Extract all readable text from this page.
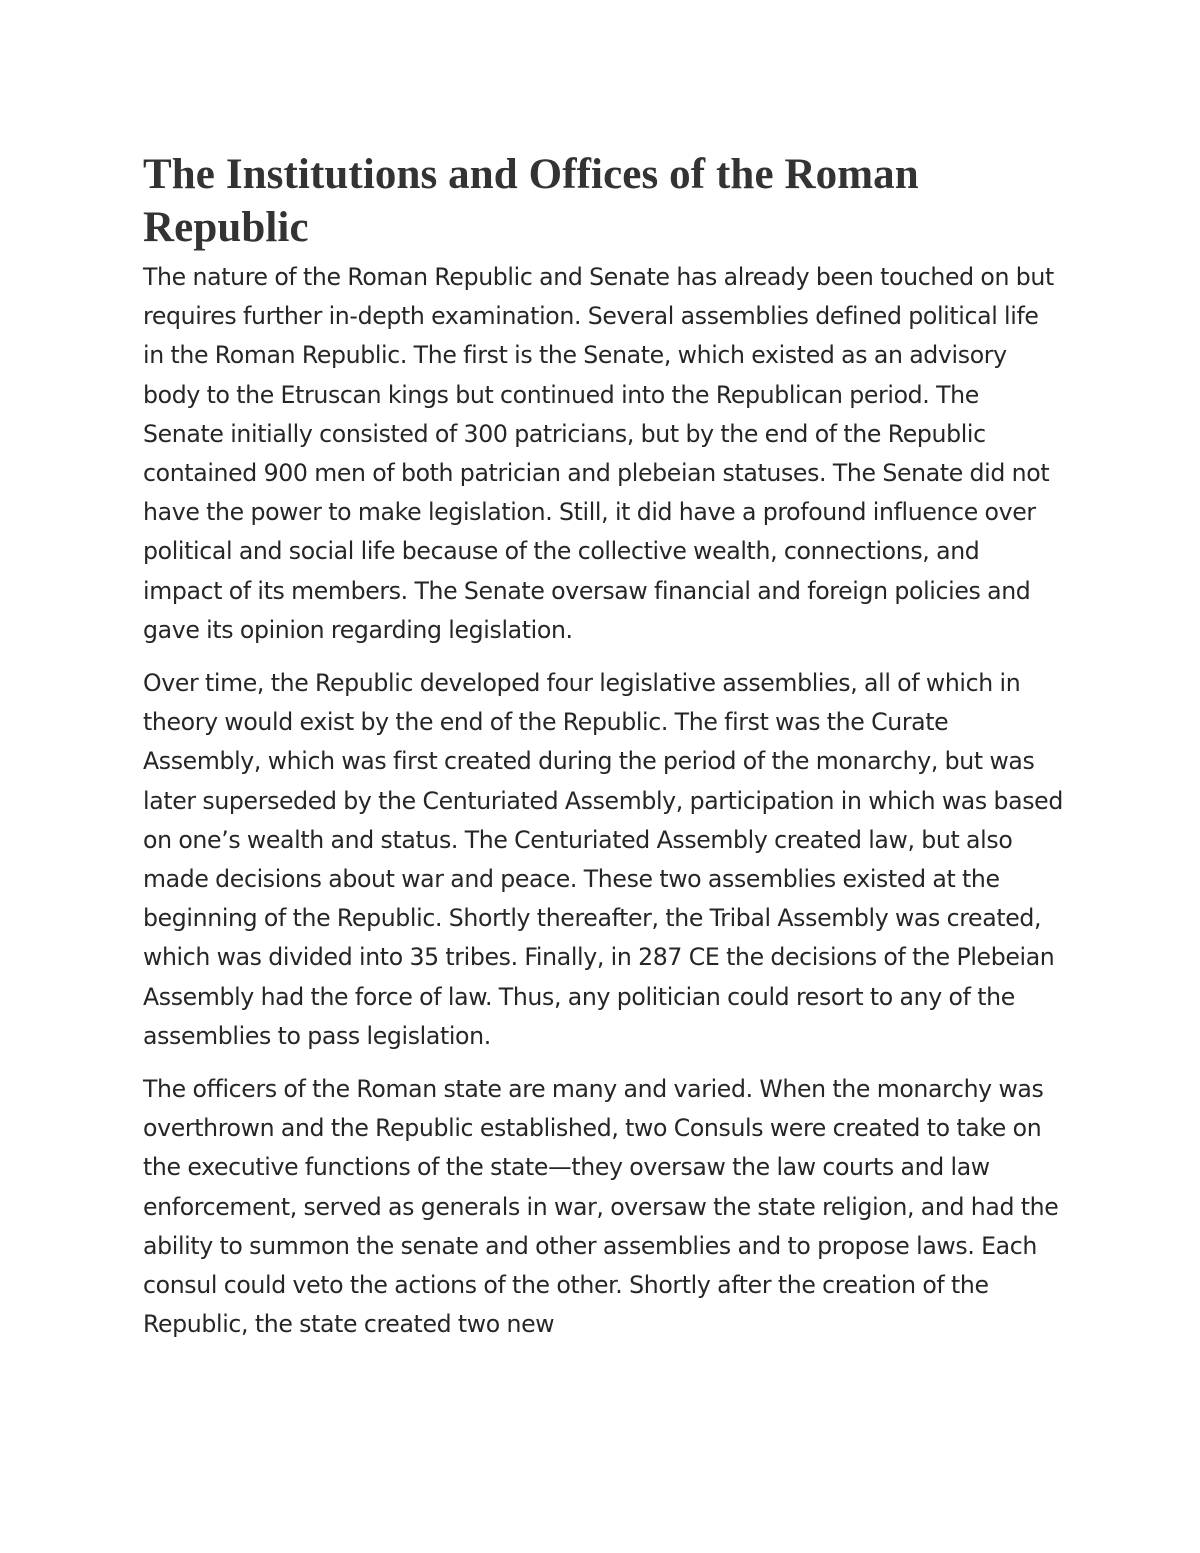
The Institutions and Offices of the Roman Republic

The nature of the Roman Republic and Senate has already been touched on but requires further in-depth examination. Several assemblies defined political life in the Roman Republic. The first is the Senate, which existed as an advisory body to the Etruscan kings but continued into the Republican period. The Senate initially consisted of 300 patricians, but by the end of the Republic contained 900 men of both patrician and plebeian statuses. The Senate did not have the power to make legislation. Still, it did have a profound influence over political and social life because of the collective wealth, connections, and impact of its members. The Senate oversaw financial and foreign policies and gave its opinion regarding legislation.

Over time, the Republic developed four legislative assemblies, all of which in theory would exist by the end of the Republic. The first was the Curate Assembly, which was first created during the period of the monarchy, but was later superseded by the Centuriated Assembly, participation in which was based on one’s wealth and status. The Centuriated Assembly created law, but also made decisions about war and peace. These two assemblies existed at the beginning of the Republic. Shortly thereafter, the Tribal Assembly was created, which was divided into 35 tribes. Finally, in 287 CE the decisions of the Plebeian Assembly had the force of law. Thus, any politician could resort to any of the assemblies to pass legislation.

The officers of the Roman state are many and varied. When the monarchy was overthrown and the Republic established, two Consuls were created to take on the executive functions of the state—they oversaw the law courts and law enforcement, served as generals in war, oversaw the state religion, and had the ability to summon the senate and other assemblies and to propose laws. Each consul could veto the actions of the other. Shortly after the creation of the Republic, the state created two new
